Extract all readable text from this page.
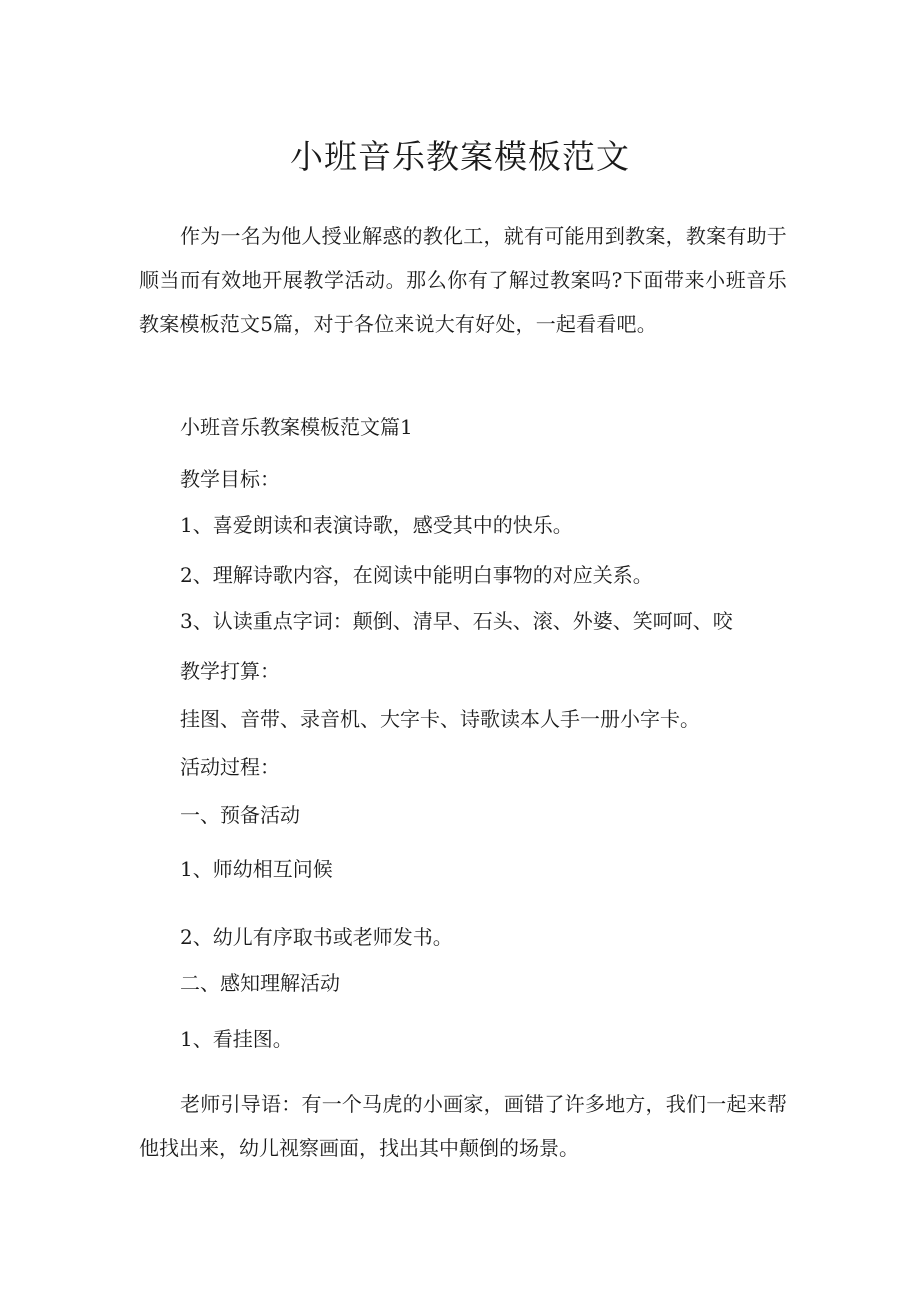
小班音乐教案模板范文
作为一名为他人授业解惑的教化工，就有可能用到教案，教案有助于顺当而有效地开展教学活动。那么你有了解过教案吗?下面带来小班音乐教案模板范文5篇，对于各位来说大有好处，一起看看吧。
小班音乐教案模板范文篇1
教学目标：
1、喜爱朗读和表演诗歌，感受其中的快乐。
2、理解诗歌内容，在阅读中能明白事物的对应关系。
3、认读重点字词：颠倒、清早、石头、滚、外婆、笑呵呵、咬
教学打算：
挂图、音带、录音机、大字卡、诗歌读本人手一册小字卡。
活动过程：
一、预备活动
1、师幼相互问候
2、幼儿有序取书或老师发书。
二、感知理解活动
1、看挂图。
老师引导语：有一个马虎的小画家，画错了许多地方，我们一起来帮他找出来，幼儿视察画面，找出其中颠倒的场景。
